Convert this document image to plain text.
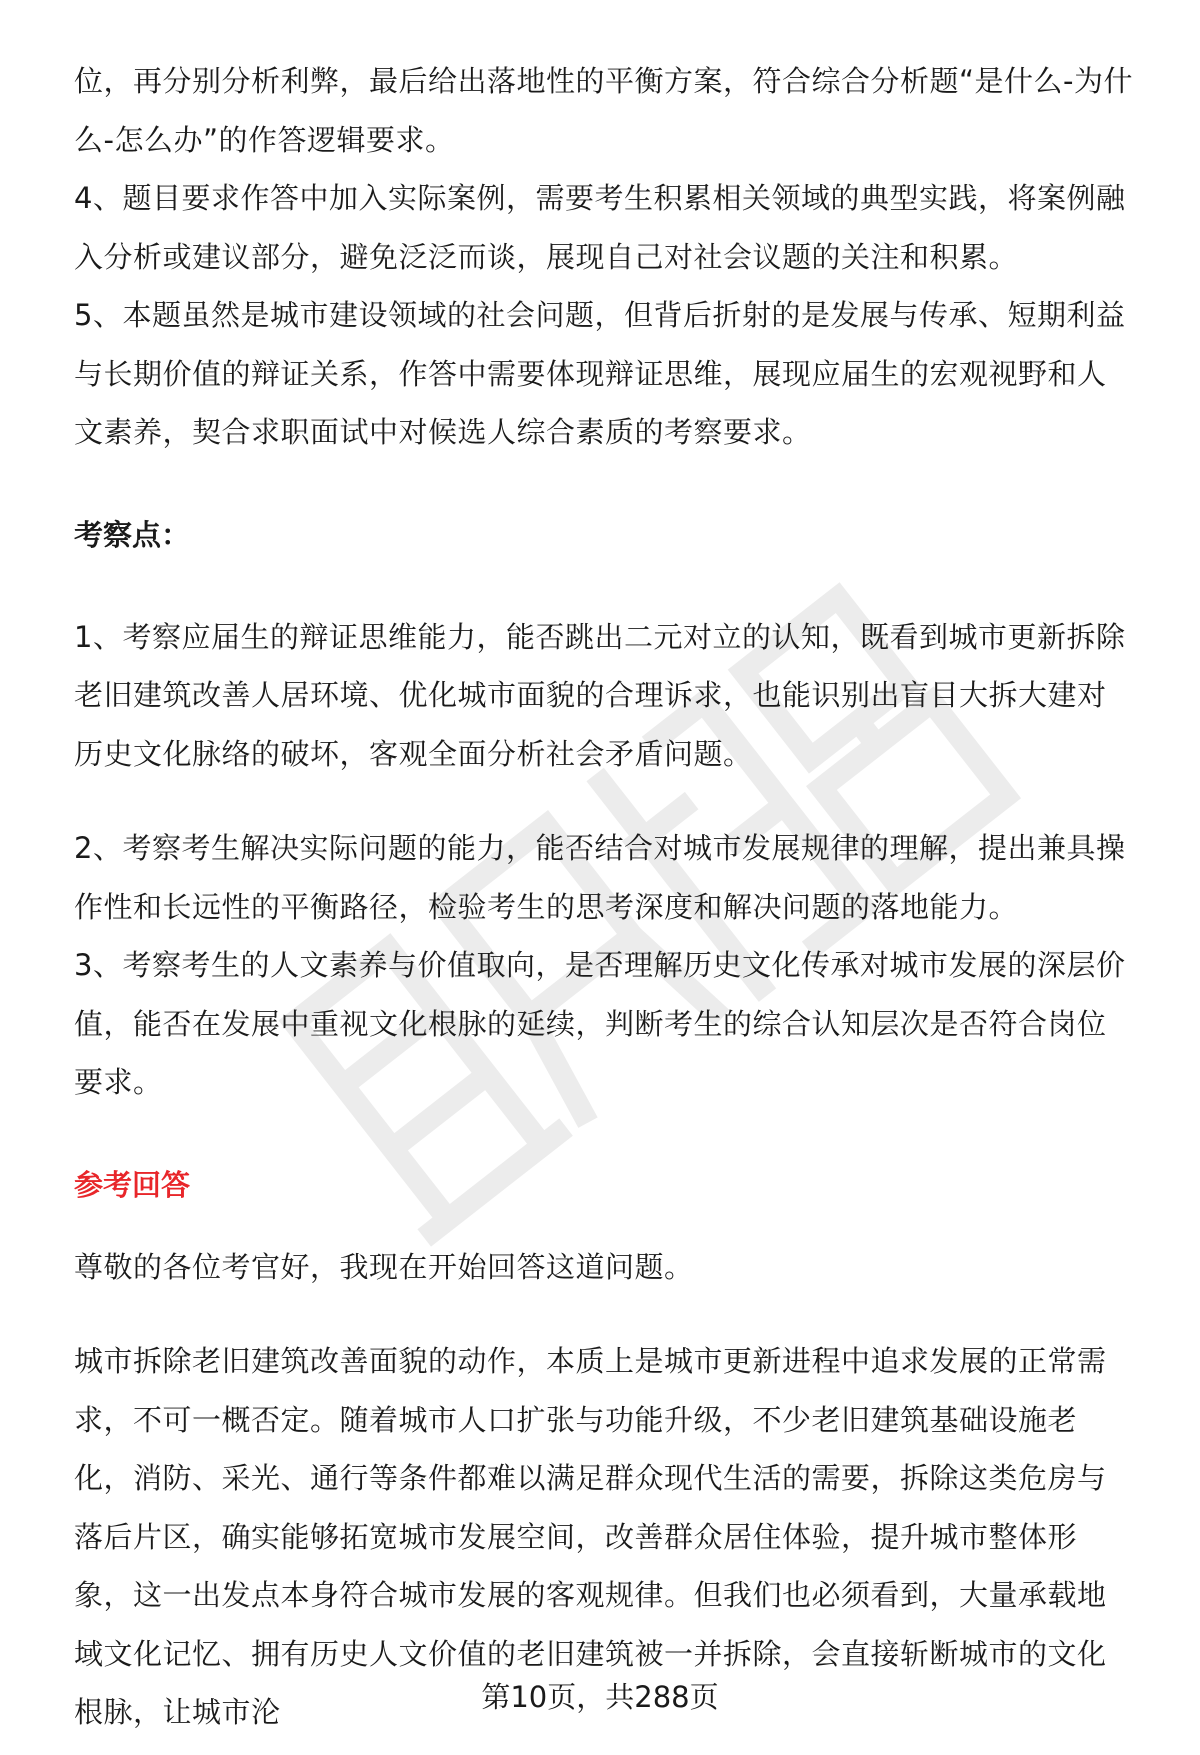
位，再分别分析利弊，最后给出落地性的平衡方案，符合综合分析题“是什么-为什么-怎么办”的作答逻辑要求。

4、题目要求作答中加入实际案例，需要考生积累相关领域的典型实践，将案例融入分析或建议部分，避免泛泛而谈，展现自己对社会议题的关注和积累。

5、本题虽然是城市建设领域的社会问题，但背后折射的是发展与传承、短期利益与长期价值的辩证关系，作答中需要体现辩证思维，展现应届生的宏观视野和人文素养，契合求职面试中对候选人综合素质的考察要求。

考察点：

1、考察应届生的辩证思维能力，能否跳出二元对立的认知，既看到城市更新拆除老旧建筑改善人居环境、优化城市面貌的合理诉求，也能识别出盲目大拆大建对历史文化脉络的破坏，客观全面分析社会矛盾问题。

2、考察考生解决实际问题的能力，能否结合对城市发展规律的理解，提出兼具操作性和长远性的平衡路径，检验考生的思考深度和解决问题的落地能力。

3、考察考生的人文素养与价值取向，是否理解历史文化传承对城市发展的深层价值，能否在发展中重视文化根脉的延续，判断考生的综合认知层次是否符合岗位要求。

参考回答

尊敬的各位考官好，我现在开始回答这道问题。

城市拆除老旧建筑改善面貌的动作，本质上是城市更新进程中追求发展的正常需求，不可一概否定。随着城市人口扩张与功能升级，不少老旧建筑基础设施老化，消防、采光、通行等条件都难以满足群众现代生活的需要，拆除这类危房与落后片区，确实能够拓宽城市发展空间，改善群众居住体验，提升城市整体形象，这一出发点本身符合城市发展的客观规律。但我们也必须看到，大量承载地域文化记忆、拥有历史人文价值的老旧建筑被一并拆除，会直接斩断城市的文化根脉，让城市沦	第10页，共288页
